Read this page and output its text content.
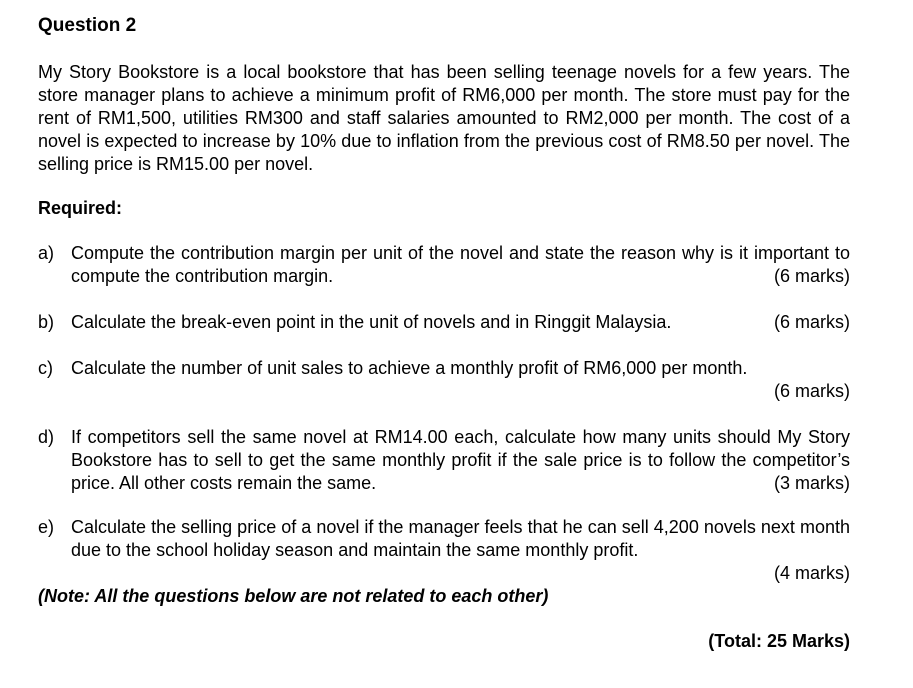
Question 2
My Story Bookstore is a local bookstore that has been selling teenage novels for a few years. The store manager plans to achieve a minimum profit of RM6,000 per month. The store must pay for the rent of RM1,500, utilities RM300 and staff salaries amounted to RM2,000 per month. The cost of a novel is expected to increase by 10% due to inflation from the previous cost of RM8.50 per novel. The selling price is RM15.00 per novel.
Required:
a) Compute the contribution margin per unit of the novel and state the reason why is it important to compute the contribution margin.	(6 marks)
b) Calculate the break-even point in the unit of novels and in Ringgit Malaysia.	(6 marks)
c) Calculate the number of unit sales to achieve a monthly profit of RM6,000 per month.
(6 marks)
d) If competitors sell the same novel at RM14.00 each, calculate how many units should My Story Bookstore has to sell to get the same monthly profit if the sale price is to follow the competitor’s price. All other costs remain the same.	(3 marks)
e) Calculate the selling price of a novel if the manager feels that he can sell 4,200 novels next month due to the school holiday season and maintain the same monthly profit.
(4 marks)
(Note: All the questions below are not related to each other)
(Total: 25 Marks)
